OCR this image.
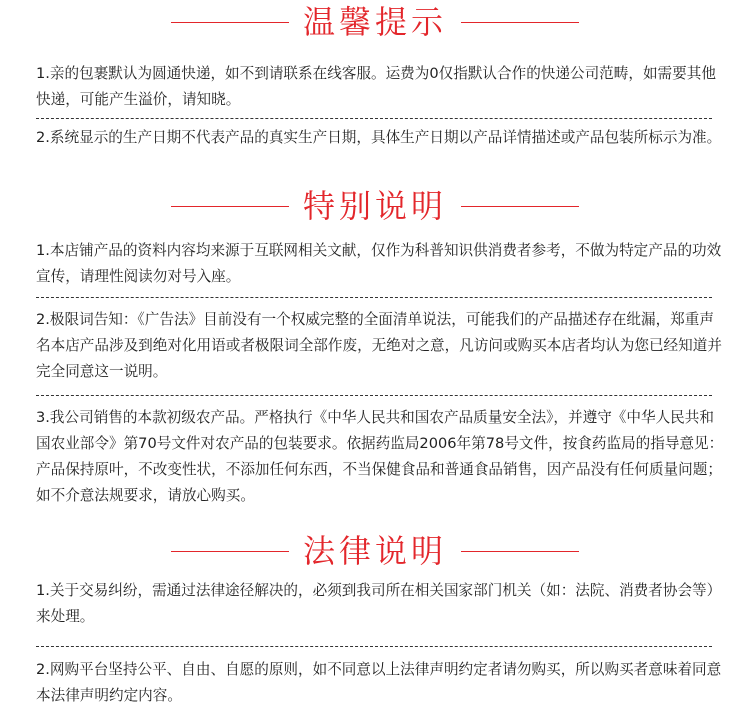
温馨提示

1.亲的包裹默认为圆通快递，如不到请联系在线客服。运费为0仅指默认合作的快递公司范畴，如需要其他快递，可能产生溢价，请知晓。

2.系统显示的生产日期不代表产品的真实生产日期，具体生产日期以产品详情描述或产品包装所标示为准。

特别说明

1.本店铺产品的资料内容均来源于互联网相关文献，仅作为科普知识供消费者参考，不做为特定产品的功效宣传，请理性阅读勿对号入座。

2.极限词告知：《广告法》目前没有一个权威完整的全面清单说法，可能我们的产品描述存在纰漏，郑重声名本店产品涉及到绝对化用语或者极限词全部作废，无绝对之意，凡访问或购买本店者均认为您已经知道并完全同意这一说明。

3.我公司销售的本款初级农产品。严格执行《中华人民共和国农产品质量安全法》，并遵守《中华人民共和国农业部令》第70号文件对农产品的包装要求。依据药监局2006年第78号文件，按食药监局的指导意见：产品保持原叶，不改变性状，不添加任何东西，不当保健食品和普通食品销售，因产品没有任何质量问题；如不介意法规要求，请放心购买。

法律说明

1.关于交易纠纷，需通过法律途径解决的，必须到我司所在相关国家部门机关（如：法院、消费者协会等）来处理。

2.网购平台坚持公平、自由、自愿的原则，如不同意以上法律声明约定者请勿购买，所以购买者意味着同意本法律声明约定内容。
